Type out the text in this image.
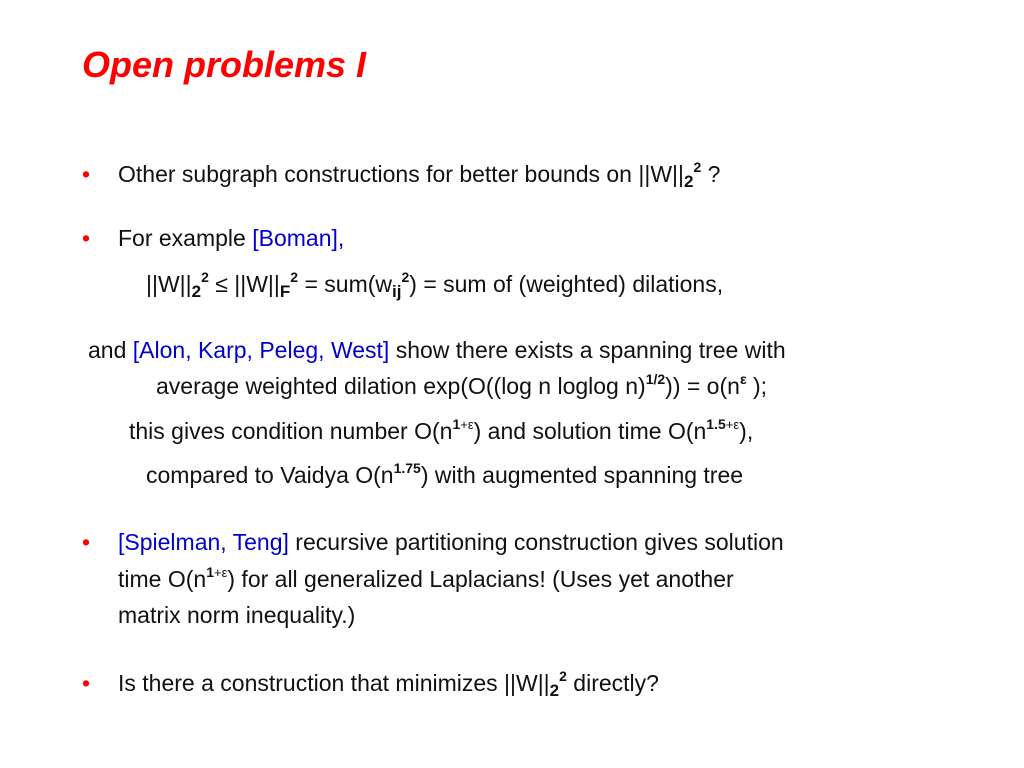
Open problems I
• Other subgraph constructions for better bounds on $||W||_2^2$ ?
• For example [Boman],
$||W||_2^2 \le ||W||_F^2 = sum(w_{ij}^2)$ = sum of (weighted) dilations,
and [Alon, Karp, Peleg, West] show there exists a spanning tree with
average weighted dilation exp(O((log n loglog $n)^{1/2})) = o(n^\varepsilon$ );
this gives condition number $O(n^{1+\varepsilon})$ and solution time $O(n^{1.5+\varepsilon})$,
compared to Vaidya $O(n^{1.75})$ with augmented spanning tree
• [Spielman, Teng] recursive partitioning construction gives solution
time $O(n^{1+\varepsilon})$ for all generalized Laplacians! (Uses yet another
matrix norm inequality.)
• Is there a construction that minimizes $||W||_2^2$ directly?
